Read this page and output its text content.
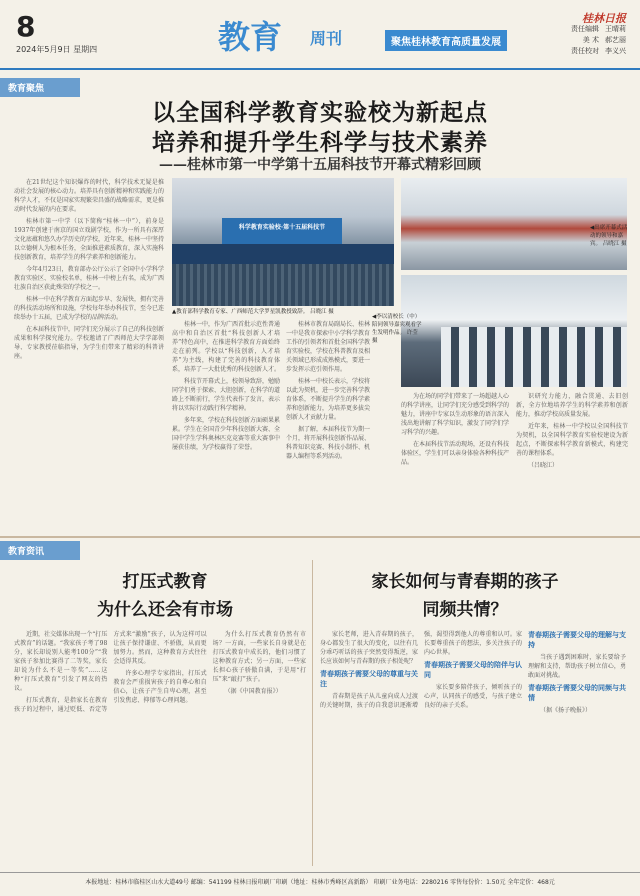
8
2024年5月9日 星期四	教育 周刊	聚焦桂林教育高质量发展
桂林日报
责任编辑 王晴莉
美 术 郝艺丽
责任校对 李义兴
教育聚焦
以全国科学教育实验校为新起点
培养和提升学生科学与技术素养
——桂林市第一中学第十五届科技节开幕式精彩回顾

在21世纪这个知识爆炸的时代，科学技术无疑是推动社会发展的核心动力。培养具有创新精神和实践能力的科学人才，不仅是国家实现繁荣昌盛的战略需求，更是推动时代发展的内在要求。

桂林市第一中学（以下简称“桂林一中”），前身是1937年创建于南京的国立戏剧学校，作为一所具有深厚文化底蕴和悠久办学历史的学校，近年来，桂林一中坚持以立德树人为根本任务，全面推进素质教育，深入实施科技创新教育，培养学生的科学素养和创新能力。

今年4月23日，教育部办公厅公示了全国中小学科学教育实验区、实验校名单，桂林一中榜上有名，成为广西壮族自治区获此殊荣的学校之一。

桂林一中在科学教育方面起步早、发展快，拥有完善的科技活动场所和设施，学校每年举办科技节，至今已连续举办十五届，已成为学校的品牌活动。

在本届科技节中，同学们充分展示了自己的科技创新成果和科学探究能力。学校邀请了广西师范大学学部领导、专家教授莅临指导，为学生们带来了精彩的科普讲座。

科学教育实验校·第十五届科技节
▲教育部科学教育专家、广西师范大学罗星凯教授致辞。 吕晓江 摄
◀出席开幕式活动的领导和嘉宾。 吕晓江 摄
◀李以清校长（中）陪同领导嘉宾观看学生发明作品。 许莹 摄

桂林一中，作为广西首批示范性普通高中和自治区首批“科技创新人才培养”特色高中，在推进科学教育方面始终走在前列。学校以“科技创新，人才培养”为主线，构建了完善的科技教育体系，培养了一大批优秀的科技创新人才。

科技节开幕式上，校领导致辞，勉励同学们勇于探索、大胆创新，在科学的道路上不断前行，学生代表作了发言，表示将以实际行动践行科学精神。

多年来，学校在科技创新方面硕果累累。学生在全国青少年科技创新大赛、全国中学生学科奥林匹克竞赛等重大赛事中屡获佳绩，为学校赢得了荣誉。

桂林市教育局副局长、桂林一中是我市探索中小学科学教育工作的引领者和首批全国科学教育实验校，学校在科普教育及相关领域已形成成熟模式，要进一步发挥示范引领作用。

桂林一中校长表示，学校将以此为契机，进一步完善科学教育体系，不断提升学生的科学素养和创新能力，为培养更多拔尖创新人才贡献力量。

据了解，本届科技节为期一个月，将开展科技创新作品展、科普知识竞赛、科技小制作、机器人编程等系列活动。

为在场的同学们带来了一场超越人心的科学讲座，让同学们充分感受到科学的魅力，讲座中专家以生动形象的语言深入浅出地讲解了科学知识，激发了同学们学习科学的兴趣。

在本届科技节活动现场，还设有科技体验区，学生们可以亲身体验各种科技产品。

识研究力能力，融合贯通、去旧创新，全方位地培养学生的科学素养和创新能力，推动学校高质量发展。

近年来，桂林一中学校以全国科技节为契机，以全国科学教育实验校建设为新起点，不断探索科学教育新模式，构建完善的课程体系。

（吕晓江）

教育资讯
打压式教育
为什么还会有市场

近期，社交媒体出现一个“打压式教育”的话题。“我家孩子考了98分，家长却说别人能考100分”“我家孩子参加比赛得了二等奖，家长却说为什么不是一等奖”……这种“打压式教育”引发了网友的热议。

打压式教育，是指家长在教育孩子的过程中，通过贬低、否定等方式来“激励”孩子，认为这样可以让孩子保持谦虚、不骄傲，从而更加努力。然而，这种教育方式往往会适得其反。

许多心理学专家指出，打压式教育会严重损害孩子的自尊心和自信心，让孩子产生自卑心理，甚至引发焦虑、抑郁等心理问题。

为什么打压式教育仍然有市场？一方面，一些家长自身就是在打压式教育中成长的，他们习惯了这种教育方式；另一方面，一些家长担心孩子骄傲自满，于是用“打压”来“敲打”孩子。

（据《中国教育报》）

家长如何与青春期的孩子
同频共情？

家长老师，进入青春期的孩子，身心都发生了很大的变化，以往有几分乖巧听话的孩子突然变得叛逆，家长应该如何与青春期的孩子相处呢？

青春期孩子需要父母的尊重与关注

青春期是孩子从儿童向成人过渡的关键时期，孩子的自我意识逐渐增强，渴望得到他人的尊重和认可。家长要尊重孩子的想法，多关注孩子的内心世界。

青春期孩子需要父母的陪伴与认同

家长要多陪伴孩子，倾听孩子的心声，认同孩子的感受，与孩子建立良好的亲子关系。

青春期孩子需要父母的理解与支持

当孩子遇到困难时，家长要给予理解和支持，帮助孩子树立信心，勇敢面对挑战。

青春期孩子需要父母的同频与共情

（据《扬子晚报》）

本报地址：桂林市临桂区山水大道49号 邮编：541199 桂林日报印刷厂印刷（地址：桂林市秀峰区高新路） 印刷厂业务电话：2280216 零售每份价：1.50元 全年定价：468元
